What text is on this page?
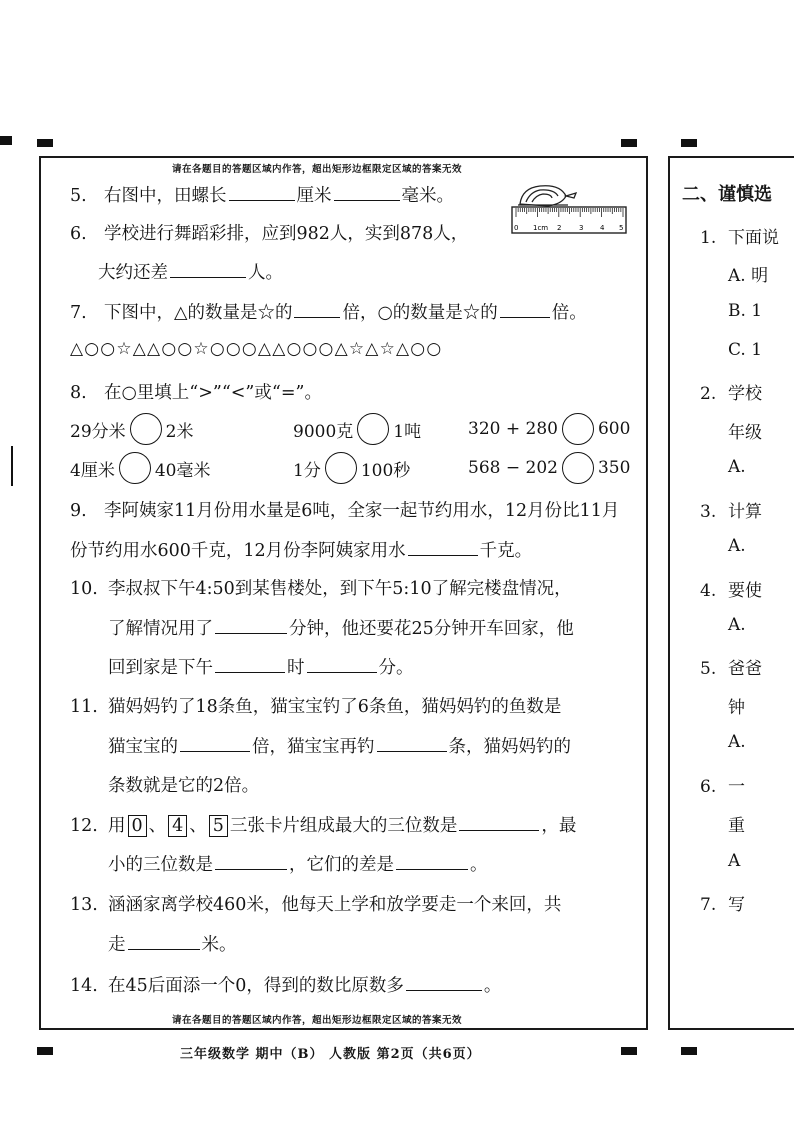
请在各题目的答题区域内作答，超出矩形边框限定区域的答案无效
请在各题目的答题区域内作答，超出矩形边框限定区域的答案无效
5. 右图中，田螺长	厘米	毫米。
0 1cm 2	3 4 5
6. 学校进行舞蹈彩排，应到982人，实到878人，
大约还差	人。
7. 下图中，△的数量是☆的	倍，○的数量是☆的	倍。
△○○☆△△○○☆○○○△△○○○△☆△☆△○○
8. 在○里填上“>”“<”或“=”。
29分米 2米	9000克 1吨	320 + 280 600
4厘米 40毫米	1分 100秒	568 − 202 350
9. 李阿姨家11月份用水量是6吨，全家一起节约用水，12月份比11月
份节约用水600千克，12月份李阿姨家用水	千克。
10. 李叔叔下午4:50到某售楼处，到下午5:10了解完楼盘情况，
了解情况用了	分钟，他还要花25分钟开车回家，他
回到家是下午	时	分。
11. 猫妈妈钓了18条鱼，猫宝宝钓了6条鱼，猫妈妈钓的鱼数是
猫宝宝的	倍，猫宝宝再钓	条，猫妈妈钓的
条数就是它的2倍。
12. 用 0 、 4 、 5 三张卡片组成最大的三位数是	，最
小的三位数是	，它们的差是	。
13. 涵涵家离学校460米，他每天上学和放学要走一个来回，共
走	米。
14. 在45后面添一个0，得到的数比原数多	。
二、谨慎选
1. 下面说
A. 明
B. 1
C. 1
2. 学校
年级
A.
3. 计算
A.
4. 要使
A.
5. 爸爸
钟
A.
6. 一
重
A
7. 写
三年级数学 期中（B） 人教版 第2页（共6页）
